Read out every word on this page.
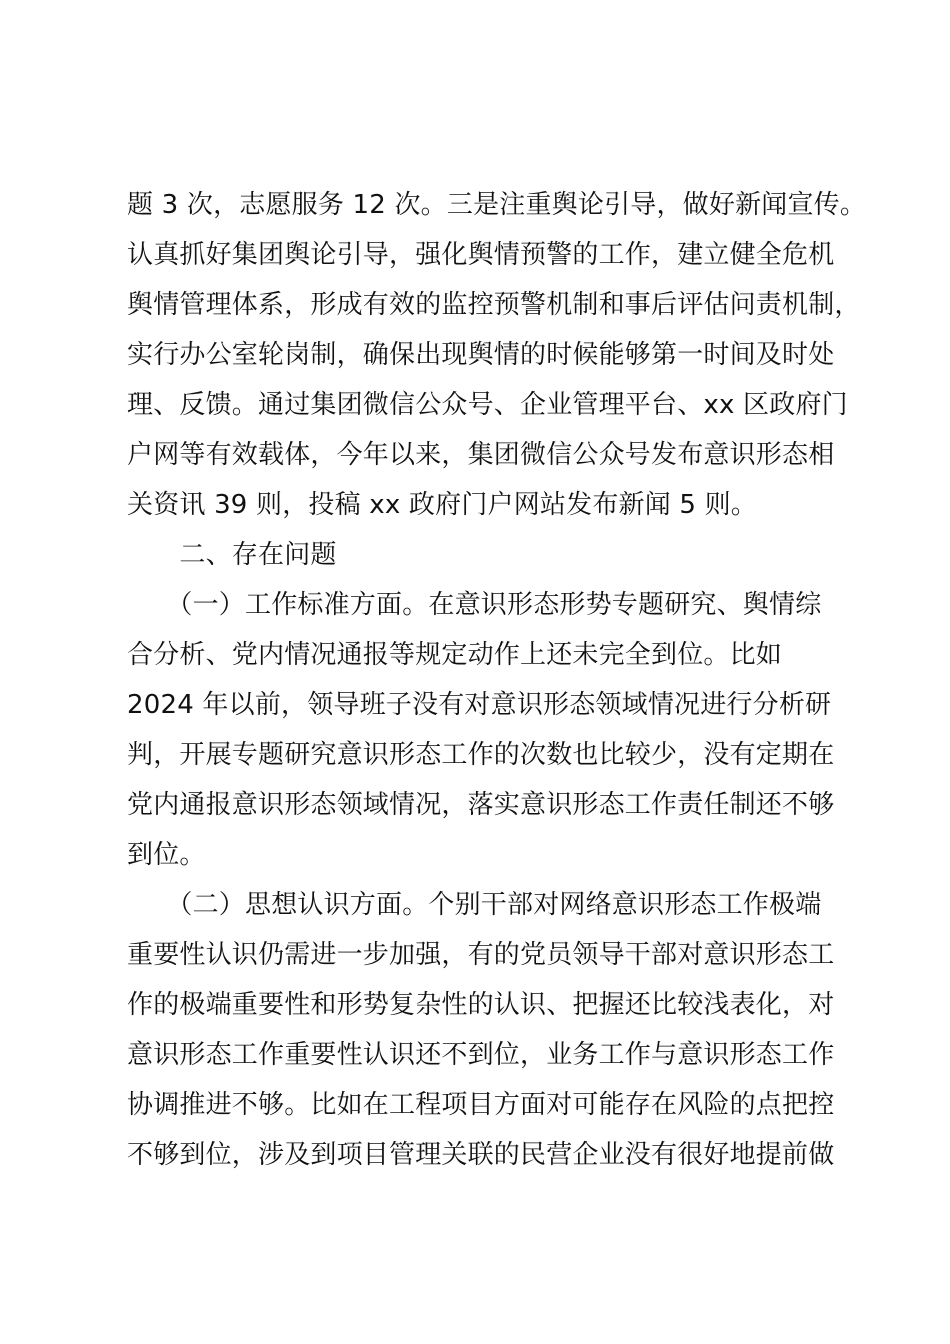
题 3 次，志愿服务 12 次。三是注重舆论引导，做好新闻宣传。
认真抓好集团舆论引导，强化舆情预警的工作，建立健全危机
舆情管理体系，形成有效的监控预警机制和事后评估问责机制，
实行办公室轮岗制，确保出现舆情的时候能够第一时间及时处
理、反馈。通过集团微信公众号、企业管理平台、xx 区政府门
户网等有效载体，今年以来，集团微信公众号发布意识形态相
关资讯 39 则，投稿 xx 政府门户网站发布新闻 5 则。
　　二、存在问题
　　（一）工作标准方面。在意识形态形势专题研究、舆情综
合分析、党内情况通报等规定动作上还未完全到位。比如
2024 年以前，领导班子没有对意识形态领域情况进行分析研
判，开展专题研究意识形态工作的次数也比较少，没有定期在
党内通报意识形态领域情况，落实意识形态工作责任制还不够
到位。
　　（二）思想认识方面。个别干部对网络意识形态工作极端
重要性认识仍需进一步加强，有的党员领导干部对意识形态工
作的极端重要性和形势复杂性的认识、把握还比较浅表化，对
意识形态工作重要性认识还不到位，业务工作与意识形态工作
协调推进不够。比如在工程项目方面对可能存在风险的点把控
不够到位，涉及到项目管理关联的民营企业没有很好地提前做
